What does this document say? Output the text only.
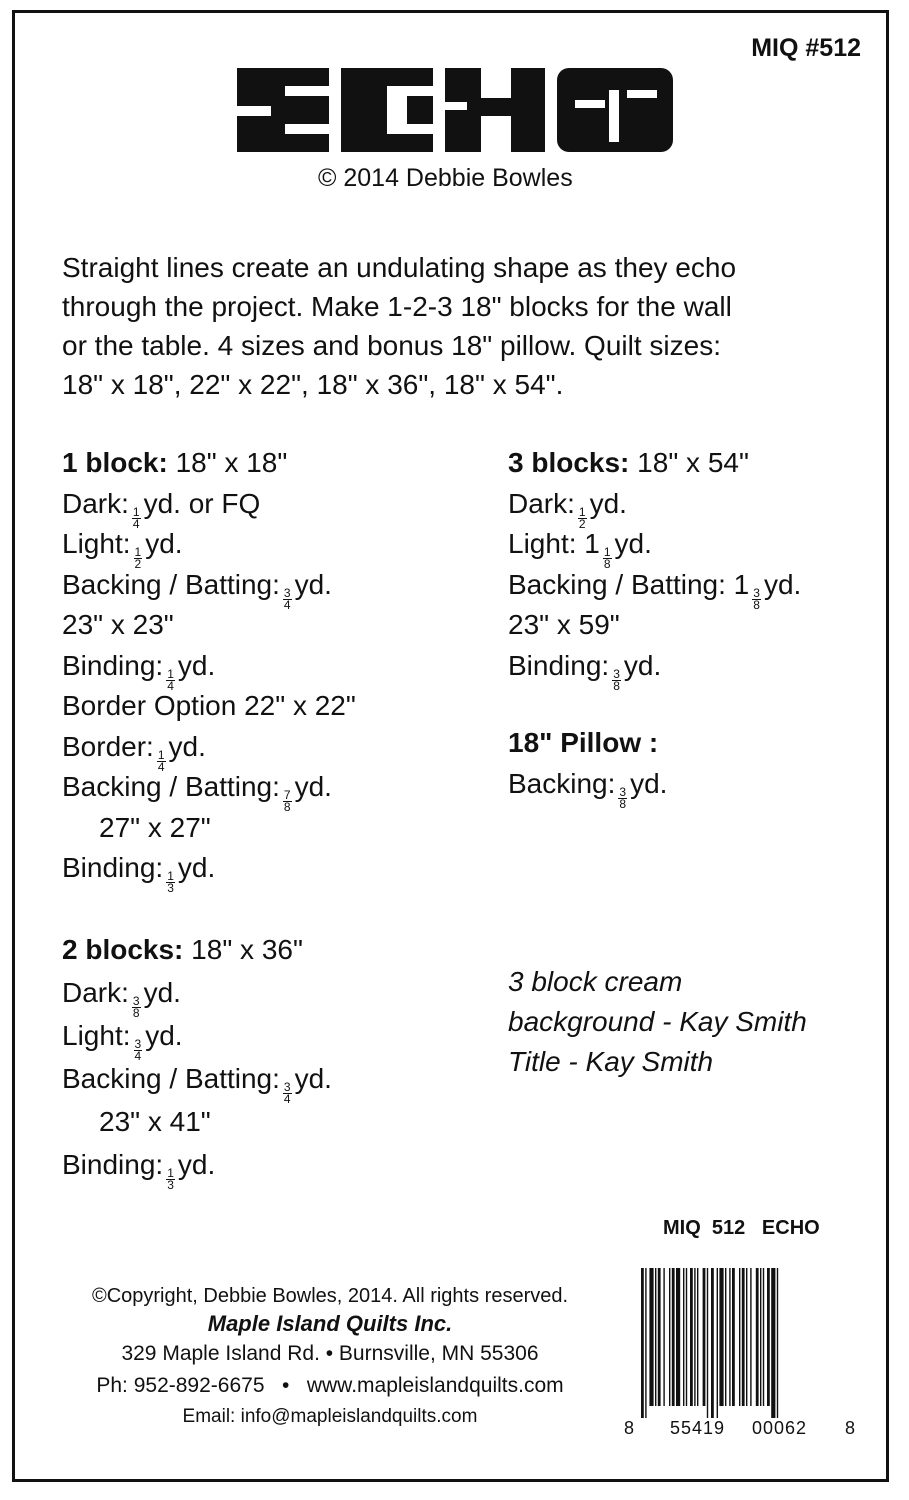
MIQ #512
© 2014 Debbie Bowles
Straight lines create an undulating shape as they echo
through the project. Make 1-2-3 18" blocks for the wall
or the table. 4 sizes and bonus 18" pillow. Quilt sizes:
18" x 18", 22" x 22", 18" x 36", 18" x 54".
1 block: 18" x 18"
Dark: $\frac{1}{4}$ yd. or FQ
Light: $\frac{1}{2}$ yd.
Backing / Batting: $\frac{3}{4}$ yd.
23" x 23"
Binding: $\frac{1}{4}$ yd.
Border Option 22" x 22"
Border: $\frac{1}{4}$ yd.
Backing / Batting: $\frac{7}{8}$ yd.
27" x 27"
Binding: $\frac{1}{3}$ yd.
2 blocks: 18" x 36"
Dark: $\frac{3}{8}$ yd.
Light: $\frac{3}{4}$ yd.
Backing / Batting: $\frac{3}{4}$ yd.
23" x 41"
Binding: $\frac{1}{3}$ yd.
3 blocks: 18" x 54"
Dark: $\frac{1}{2}$ yd.
Light: $1 \frac{1}{8}$ yd.
Backing / Batting: $1 \frac{3}{8}$ yd.
23" x 59"
Binding: $\frac{3}{8}$ yd.
18" Pillow :
Backing: $\frac{3}{8}$ yd.
3 block cream
background - Kay Smith
Title - Kay Smith
MIQ  512   ECHO
©Copyright, Debbie Bowles, 2014. All rights reserved.
Maple Island Quilts Inc.
329 Maple Island Rd. • Burnsville, MN 55306
Ph: 952-892-6675   •   www.mapleislandquilts.com
Email: info@mapleislandquilts.com
8 55419 00062 8
